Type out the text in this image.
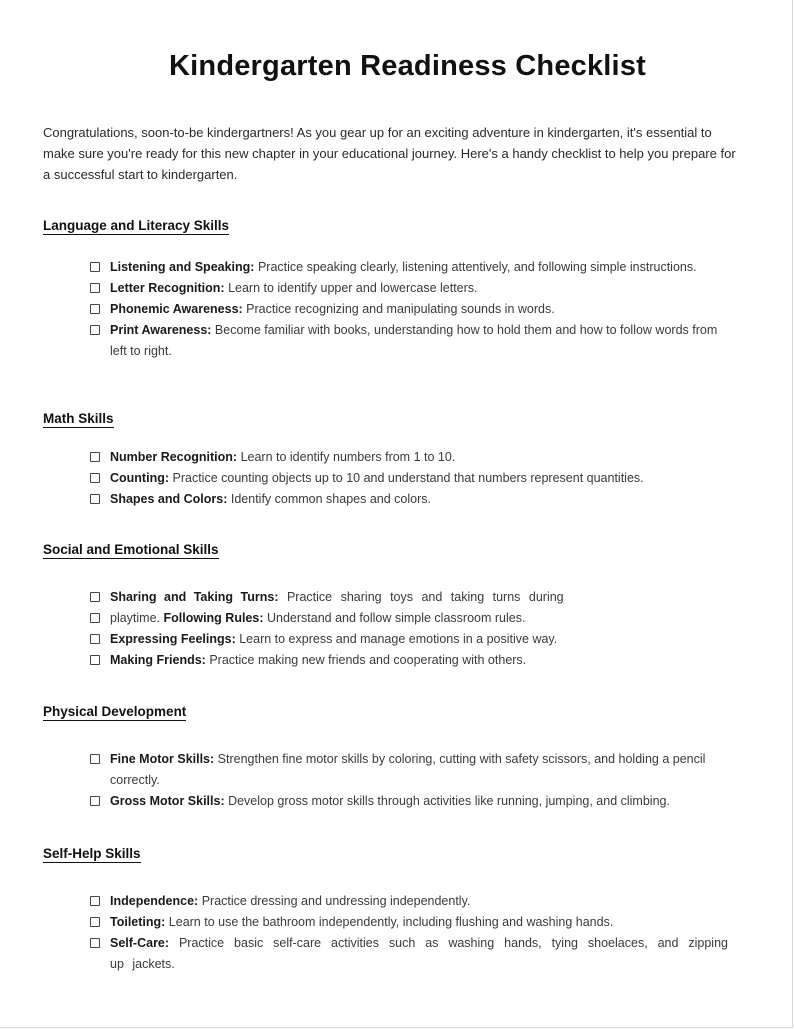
Kindergarten Readiness Checklist

Congratulations, soon-to-be kindergartners! As you gear up for an exciting adventure in kindergarten, it's essential to make sure you're ready for this new chapter in your educational journey. Here's a handy checklist to help you prepare for a successful start to kindergarten.

Language and Literacy Skills
Listening and Speaking: Practice speaking clearly, listening attentively, and following simple instructions.
Letter Recognition: Learn to identify upper and lowercase letters.
Phonemic Awareness: Practice recognizing and manipulating sounds in words.
Print Awareness: Become familiar with books, understanding how to hold them and how to follow words from left to right.
Math Skills
Number Recognition: Learn to identify numbers from 1 to 10.
Counting: Practice counting objects up to 10 and understand that numbers represent quantities.
Shapes and Colors: Identify common shapes and colors.
Social and Emotional Skills
Sharing and Taking Turns: Practice sharing toys and taking turns during
playtime. Following Rules: Understand and follow simple classroom rules.
Expressing Feelings: Learn to express and manage emotions in a positive way.
Making Friends: Practice making new friends and cooperating with others.
Physical Development
Fine Motor Skills: Strengthen fine motor skills by coloring, cutting with safety scissors, and holding a pencil correctly.
Gross Motor Skills: Develop gross motor skills through activities like running, jumping, and climbing.
Self-Help Skills
Independence: Practice dressing and undressing independently.
Toileting: Learn to use the bathroom independently, including flushing and washing hands.
Self-Care: Practice basic self-care activities such as washing hands, tying shoelaces, and zipping up jackets.
